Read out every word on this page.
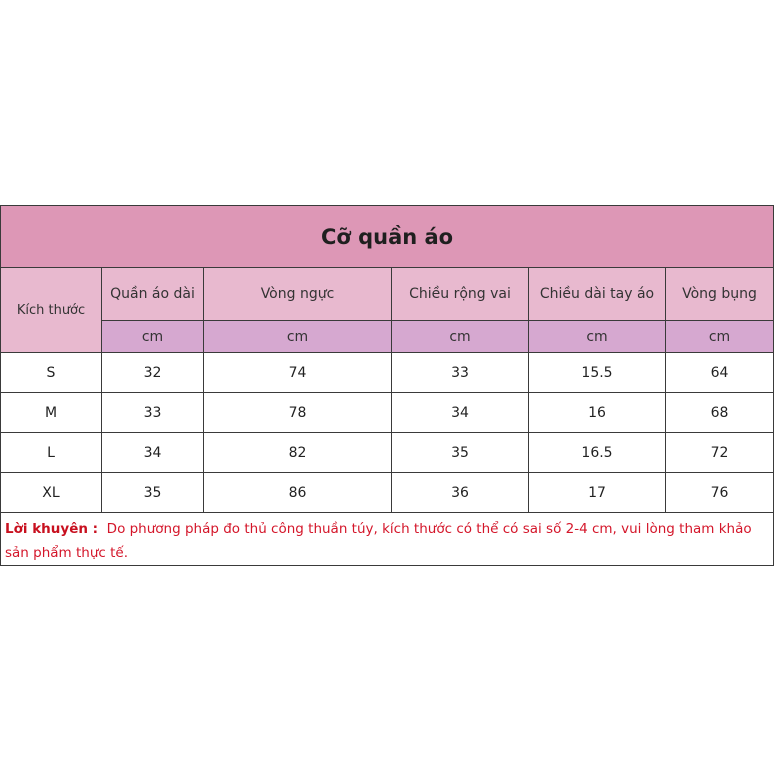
Cỡ quần áo					
Kích thước	Quần áo dài	Vòng ngực	Chiều rộng vai	Chiều dài tay áo	Vòng bụng
	cm	cm	cm	cm	cm
S	32	74	33	15.5	64
M	33	78	34	16	68
L	34	82	35	16.5	72
XL	35	86	36	17	76
Lời khuyên : Do phương pháp đo thủ công thuần túy, kích thước có thể có sai số 2-4 cm, vui lòng tham khảo sản phẩm thực tế.					
